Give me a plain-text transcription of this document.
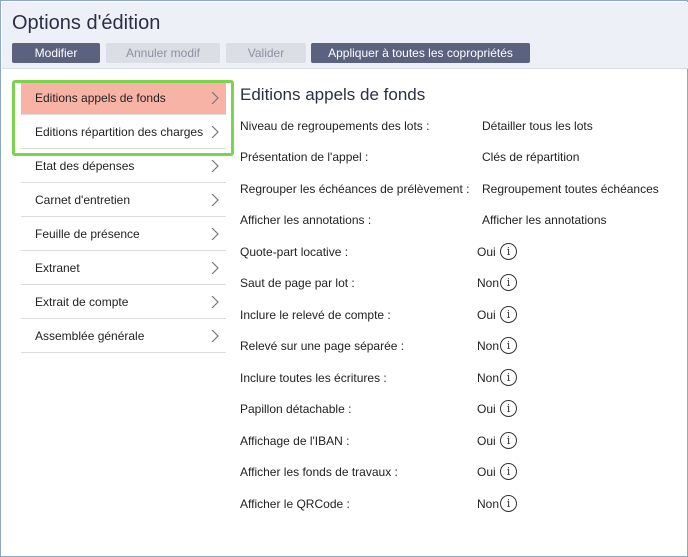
Options d'édition
Modifier	Annuler modif	Valider	Appliquer à toutes les copropriétés
Editions appels de fonds
Editions répartition des charges
Etat des dépenses
Carnet d'entretien
Feuille de présence
Extranet
Extrait de compte
Assemblée générale
Editions appels de fonds
Niveau de regroupements des lots :	Détailler tous les lots
Présentation de l'appel :	Clés de répartition
Regrouper les échéances de prélèvement : Regroupement toutes échéances
Afficher les annotations :	Afficher les annotations
Quote-part locative :	Oui	i
Saut de page par lot :	Non i
Inclure le relevé de compte :	Oui	i
Relevé sur une page séparée :	Non i
Inclure toutes les écritures :	Non i
Papillon détachable :	Oui	i
Affichage de l'IBAN :	Oui	i
Afficher les fonds de travaux :	Oui	i
Afficher le QRCode :	Non i
